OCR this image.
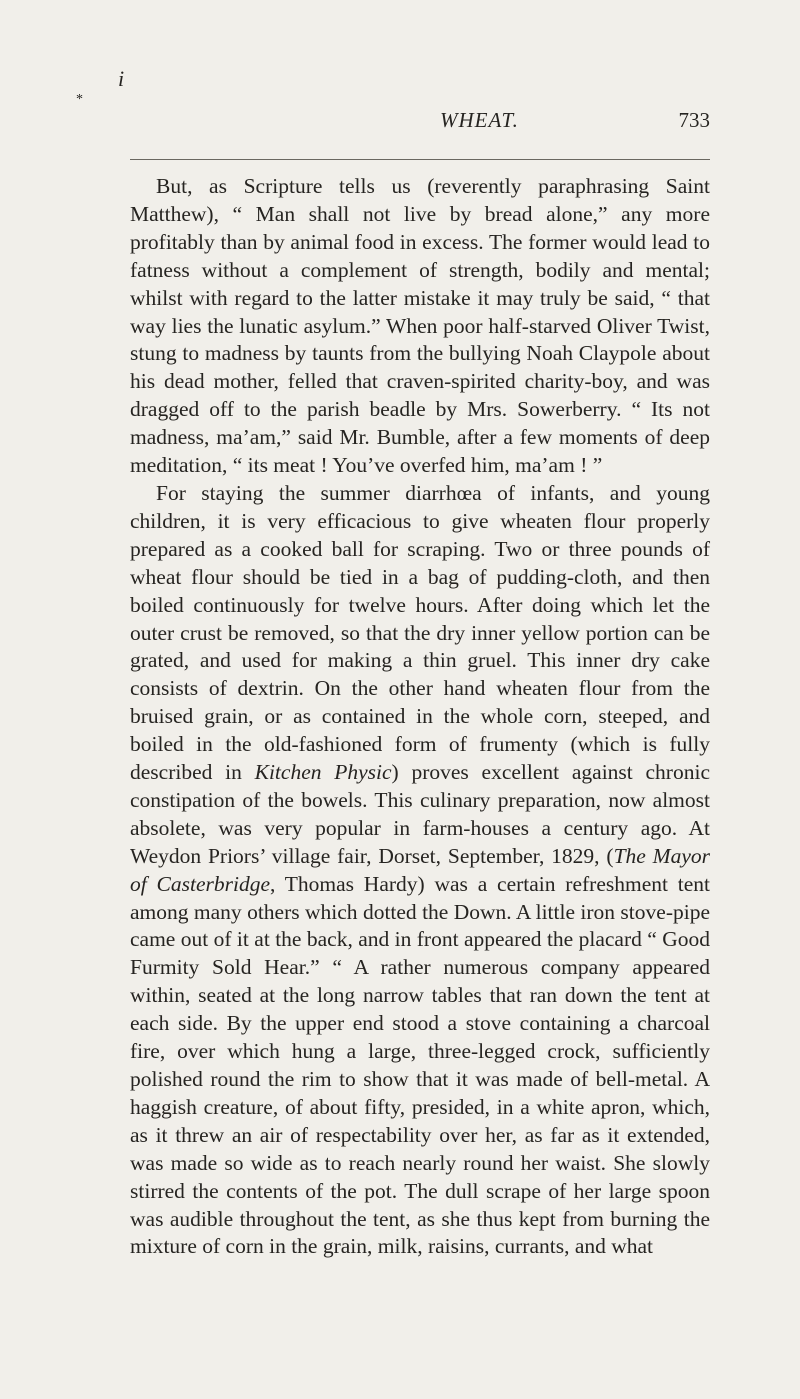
i
*
WHEAT.	733

But, as Scripture tells us (reverently paraphrasing Saint Matthew), “ Man shall not live by bread alone,” any more profitably than by animal food in excess. The former would lead to fatness without a complement of strength, bodily and mental; whilst with regard to the latter mistake it may truly be said, “ that way lies the lunatic asylum.” When poor half-starved Oliver Twist, stung to madness by taunts from the bullying Noah Claypole about his dead mother, felled that craven-spirited charity-boy, and was dragged off to the parish beadle by Mrs. Sowerberry. “ Its not madness, ma’am,” said Mr. Bumble, after a few moments of deep meditation, “ its meat ! You’ve overfed him, ma’am ! ”

For staying the summer diarrhœa of infants, and young children, it is very efficacious to give wheaten flour properly prepared as a cooked ball for scraping. Two or three pounds of wheat flour should be tied in a bag of pudding-cloth, and then boiled continuously for twelve hours. After doing which let the outer crust be removed, so that the dry inner yellow portion can be grated, and used for making a thin gruel. This inner dry cake consists of dextrin. On the other hand wheaten flour from the bruised grain, or as contained in the whole corn, steeped, and boiled in the old-fashioned form of frumenty (which is fully described in Kitchen Physic) proves excellent against chronic constipation of the bowels. This culinary preparation, now almost absolete, was very popular in farm-houses a century ago. At Weydon Priors’ village fair, Dorset, September, 1829, (The Mayor of Casterbridge, Thomas Hardy) was a certain refreshment tent among many others which dotted the Down. A little iron stove-pipe came out of it at the back, and in front appeared the placard “ Good Furmity Sold Hear.” “ A rather numerous company appeared within, seated at the long narrow tables that ran down the tent at each side. By the upper end stood a stove containing a charcoal fire, over which hung a large, three-legged crock, sufficiently polished round the rim to show that it was made of bell-metal. A haggish creature, of about fifty, presided, in a white apron, which, as it threw an air of respectability over her, as far as it extended, was made so wide as to reach nearly round her waist. She slowly stirred the contents of the pot. The dull scrape of her large spoon was audible throughout the tent, as she thus kept from burning the mixture of corn in the grain, milk, raisins, currants, and what
